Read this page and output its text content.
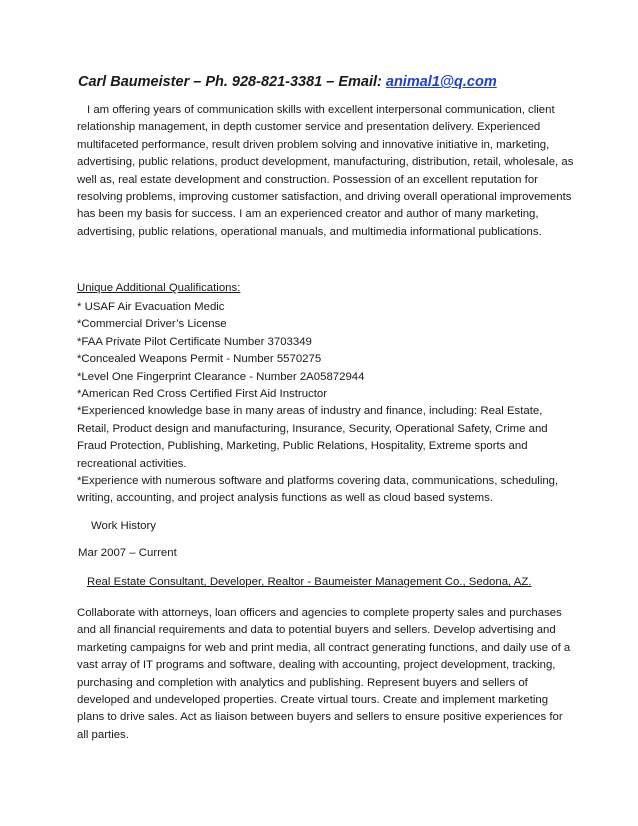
Carl Baumeister – Ph. 928-821-3381 – Email: animal1@q.com

I am offering years of communication skills with excellent interpersonal communication, client relationship management, in depth customer service and presentation delivery. Experienced multifaceted performance, result driven problem solving and innovative initiative in, marketing, advertising, public relations, product development, manufacturing, distribution, retail, wholesale, as well as, real estate development and construction. Possession of an excellent reputation for resolving problems, improving customer satisfaction, and driving overall operational improvements has been my basis for success. I am an experienced creator and author of many marketing, advertising, public relations, operational manuals, and multimedia informational publications.

Unique Additional Qualifications:
* USAF Air Evacuation Medic
*Commercial Driver’s License
*FAA Private Pilot Certificate Number 3703349
*Concealed Weapons Permit - Number 5570275
*Level One Fingerprint Clearance - Number 2A05872944
*American Red Cross Certified First Aid Instructor
*Experienced knowledge base in many areas of industry and finance, including: Real Estate, Retail, Product design and manufacturing, Insurance, Security, Operational Safety, Crime and Fraud Protection, Publishing, Marketing, Public Relations, Hospitality, Extreme sports and recreational activities.
*Experience with numerous software and platforms covering data, communications, scheduling, writing, accounting, and project analysis functions as well as cloud based systems.
Work History
Mar 2007 – Current
Real Estate Consultant, Developer, Realtor - Baumeister Management Co., Sedona, AZ.

Collaborate with attorneys, loan officers and agencies to complete property sales and purchases and all financial requirements and data to potential buyers and sellers. Develop advertising and marketing campaigns for web and print media, all contract generating functions, and daily use of a vast array of IT programs and software, dealing with accounting, project development, tracking, purchasing and completion with analytics and publishing. Represent buyers and sellers of developed and undeveloped properties. Create virtual tours. Create and implement marketing plans to drive sales. Act as liaison between buyers and sellers to ensure positive experiences for all parties.
